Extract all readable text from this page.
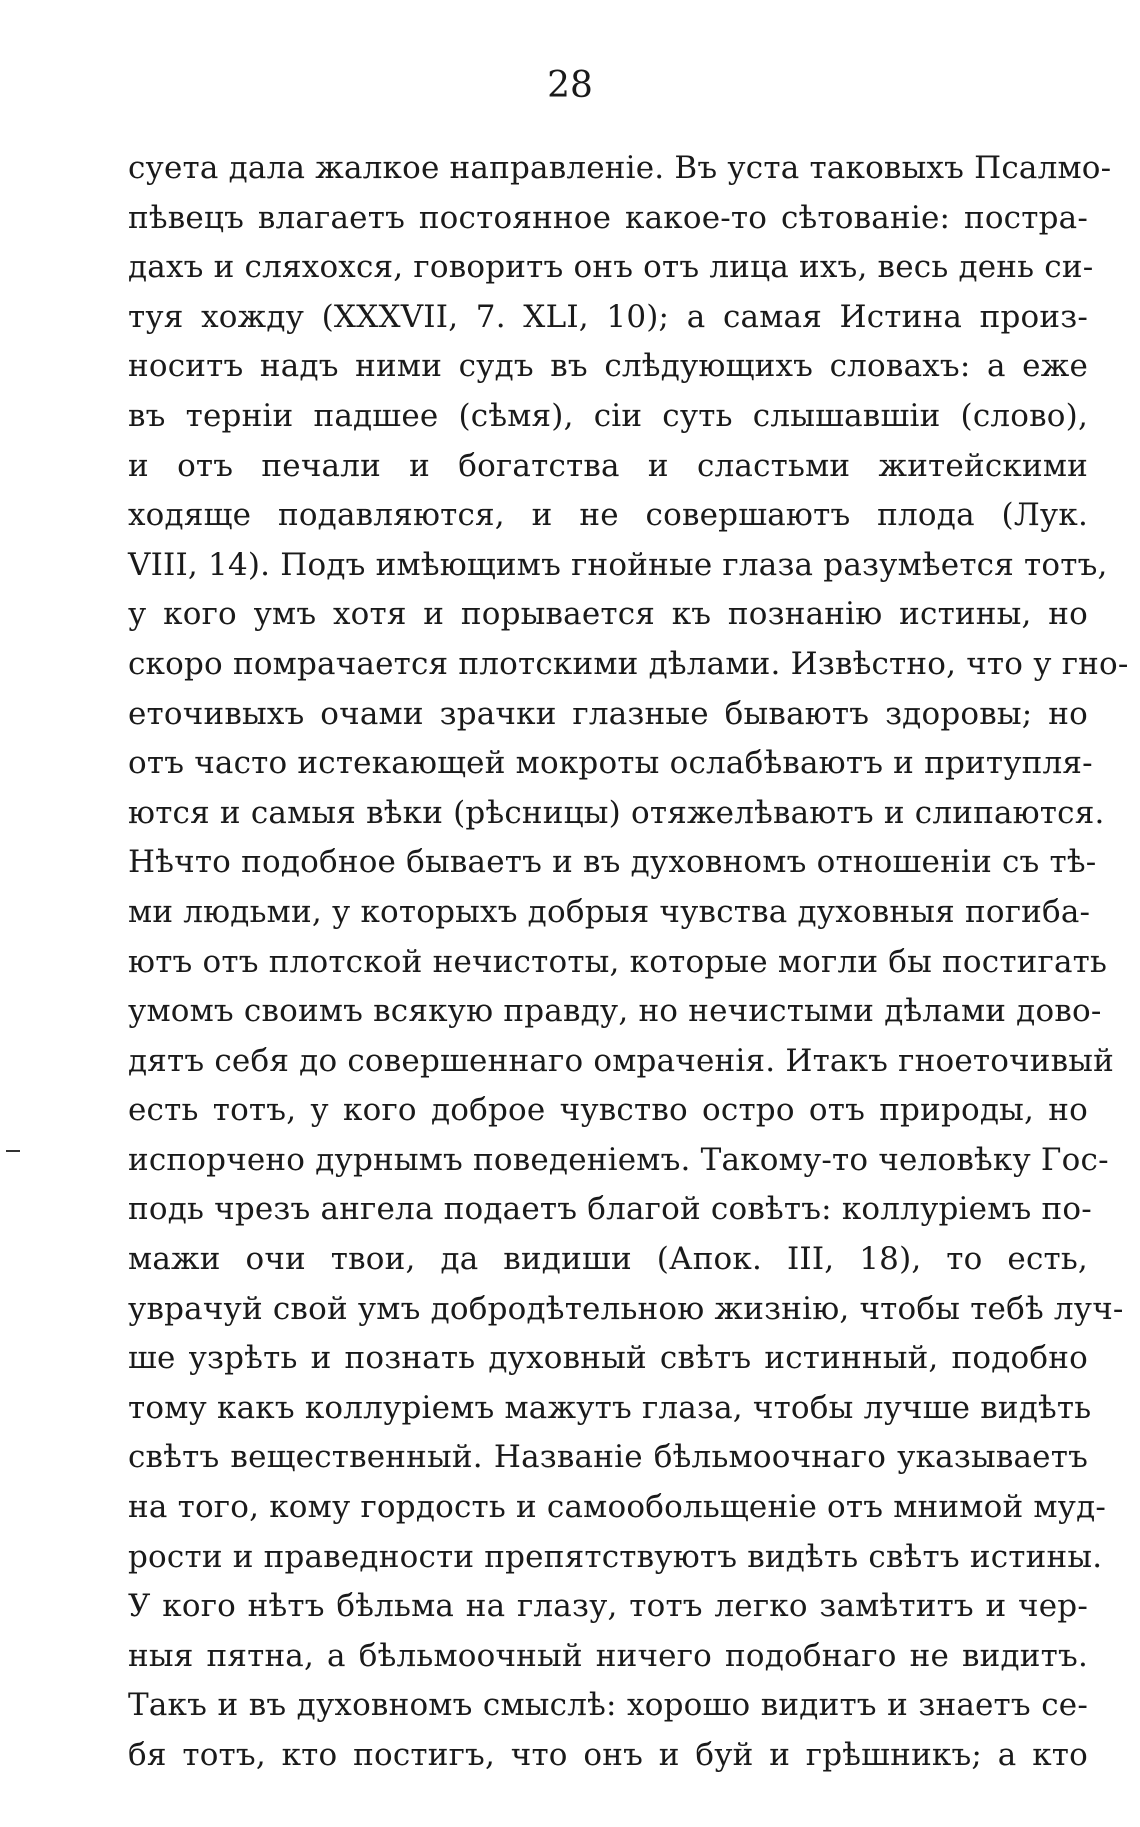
28
суета дала жалкое направленіе. Въ уста таковыхъ Псалмо-
пѣвецъ влагаетъ постоянное какое-то сѣтованіе: пострa-
дахъ и сляхохся, говоритъ онъ отъ лица ихъ, весь день си-
туя хожду (XXXVII, 7. XLI, 10); а самая Истина произ-
носитъ надъ ними судъ въ слѣдующихъ словахъ: а еже
въ терніи падшее (сѣмя), сіи суть слышавшіи (слово),
и отъ печали и богатства и сластьми житейскими
ходяще подавляются, и не совершаютъ плода (Лук.
VIII, 14). Подъ имѣющимъ гнойные глаза разумѣется тотъ,
у кого умъ хотя и порывается къ познанію истины, но
скоро помрачается плотскими дѣлами. Извѣстно, что у гно-
еточивыхъ очами зрачки глазные бываютъ здоровы; но
отъ часто истекающей мокроты ослабѣваютъ и притупля-
ются и самыя вѣки (рѣсницы) отяжелѣваютъ и слипаются.
Нѣчто подобное бываетъ и въ духовномъ отношеніи съ тѣ-
ми людьми, у которыхъ добрыя чувства духовныя погиба-
ютъ отъ плотской нечистоты, которые могли бы постигать
умомъ своимъ всякую правду, но нечистыми дѣлами дово-
дятъ себя до совершеннаго омраченія. Итакъ гноеточивый
есть тотъ, у кого доброе чувство остро отъ природы, но
испорчено дурнымъ поведеніемъ. Такому-то человѣку Гос-
подь чрезъ ангела подаетъ благой совѣтъ: коллуріемъ по-
мажи очи твои, да видиши (Апок. III, 18), то есть,
уврачуй свой умъ добродѣтельною жизнію, чтобы тебѣ луч-
ше узрѣть и познать духовный свѣтъ истинный, подобно
тому какъ коллуріемъ мажутъ глаза, чтобы лучше видѣть
свѣтъ вещественный. Названіе бѣльмоочнаго указываетъ
на того, кому гордость и самообольщеніе отъ мнимой муд-
рости и праведности препятствуютъ видѣть свѣтъ истины.
У кого нѣтъ бѣльма на глазу, тотъ легко замѣтитъ и чер-
ныя пятна, а бѣльмоочный ничего подобнаго не видитъ.
Такъ и въ духовномъ смыслѣ: хорошо видитъ и знаетъ се-
бя тотъ, кто постигъ, что онъ и буй и грѣшникъ; а кто
